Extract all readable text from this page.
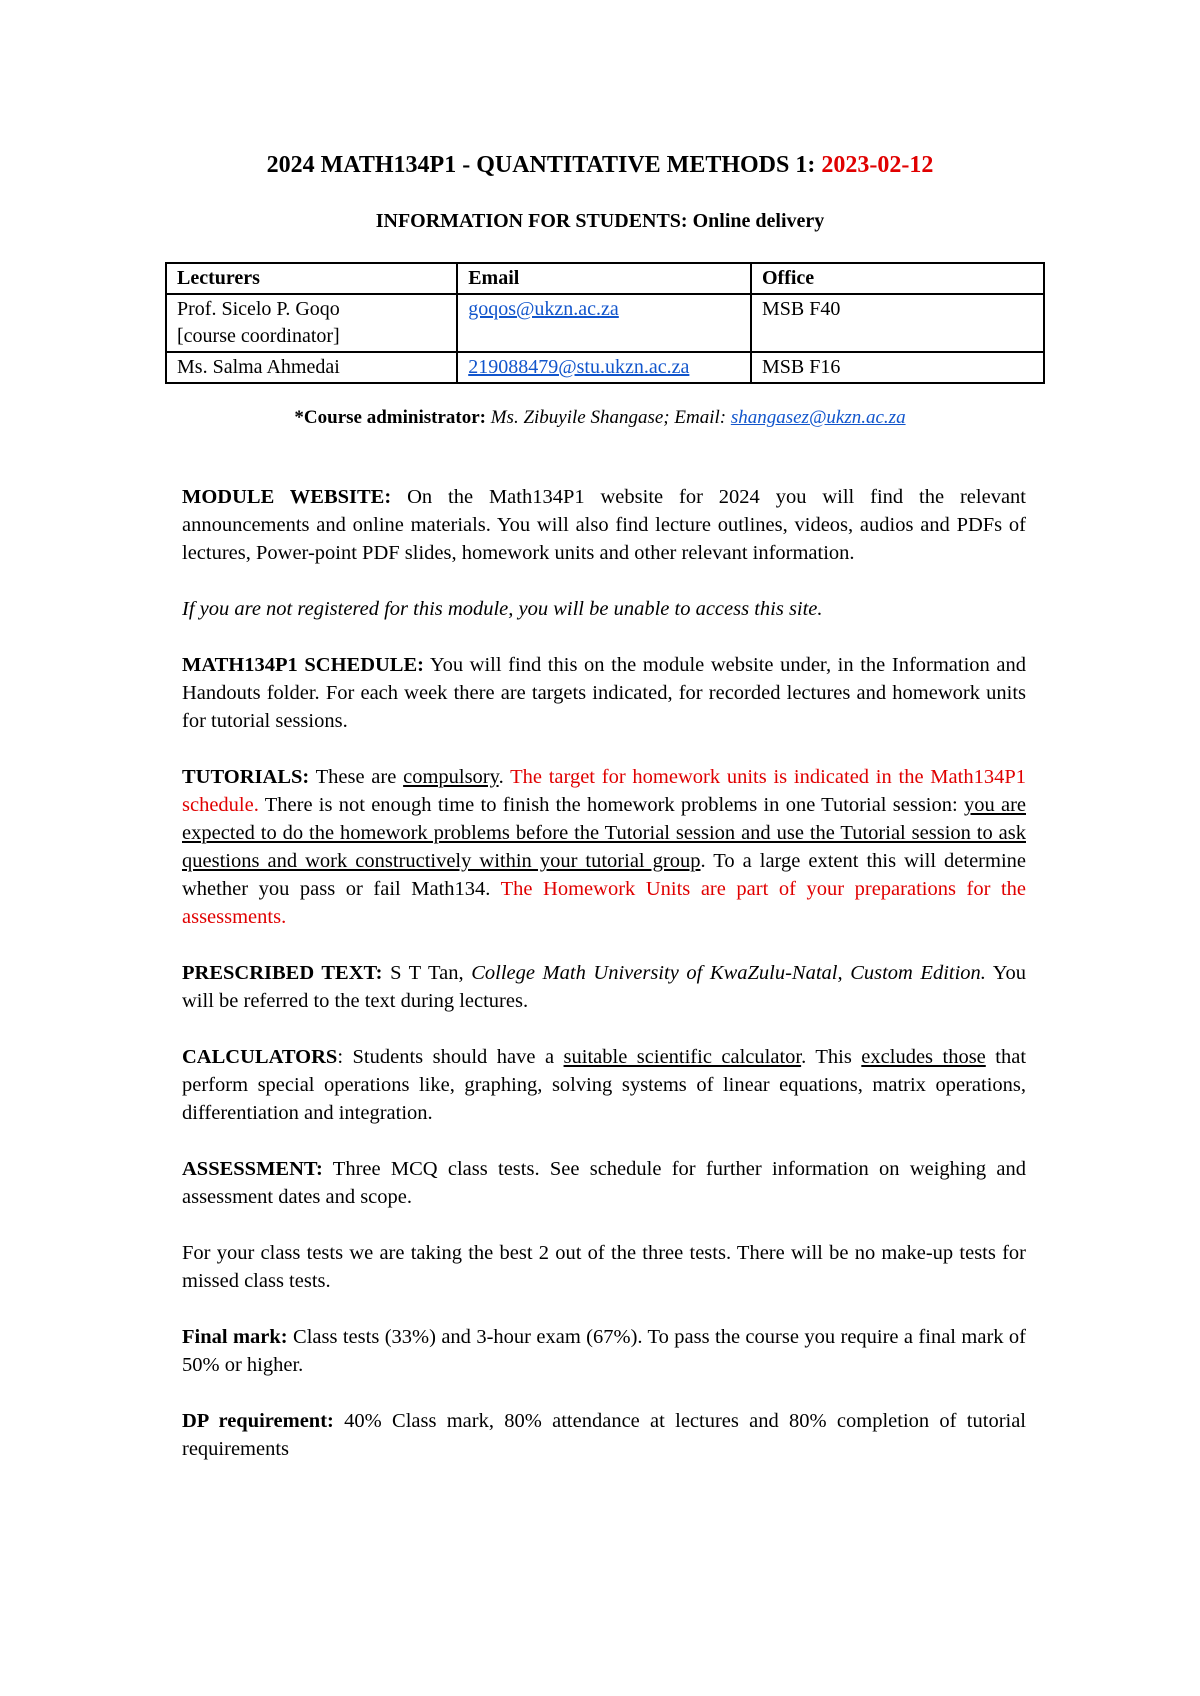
2024 MATH134P1 - QUANTITATIVE METHODS 1: 2023-02-12
INFORMATION FOR STUDENTS: Online delivery
Lecturers	Email	Office
Prof. Sicelo P. Goqo
[course coordinator]	goqos@ukzn.ac.za	MSB F40
Ms. Salma Ahmedai	219088479@stu.ukzn.ac.za	MSB F16
*Course administrator: Ms. Zibuyile Shangase; Email: shangasez@ukzn.ac.za

MODULE WEBSITE: On the Math134P1 website for 2024 you will find the relevant announcements and online materials. You will also find lecture outlines, videos, audios and PDFs of lectures, Power-point PDF slides, homework units and other relevant information.

If you are not registered for this module, you will be unable to access this site.

MATH134P1 SCHEDULE: You will find this on the module website under, in the Information and Handouts folder. For each week there are targets indicated, for recorded lectures and homework units for tutorial sessions.

TUTORIALS: These are compulsory. The target for homework units is indicated in the Math134P1 schedule. There is not enough time to finish the homework problems in one Tutorial session: you are expected to do the homework problems before the Tutorial session and use the Tutorial session to ask questions and work constructively within your tutorial group. To a large extent this will determine whether you pass or fail Math134. The Homework Units are part of your preparations for the assessments.

PRESCRIBED TEXT: S T Tan, College Math University of KwaZulu-Natal, Custom Edition. You will be referred to the text during lectures.

CALCULATORS: Students should have a suitable scientific calculator. This excludes those that perform special operations like, graphing, solving systems of linear equations, matrix operations, differentiation and integration.

ASSESSMENT: Three MCQ class tests. See schedule for further information on weighing and assessment dates and scope.

For your class tests we are taking the best 2 out of the three tests. There will be no make-up tests for missed class tests.

Final mark: Class tests (33%) and 3-hour exam (67%). To pass the course you require a final mark of 50% or higher.

DP requirement: 40% Class mark, 80% attendance at lectures and 80% completion of tutorial requirements
